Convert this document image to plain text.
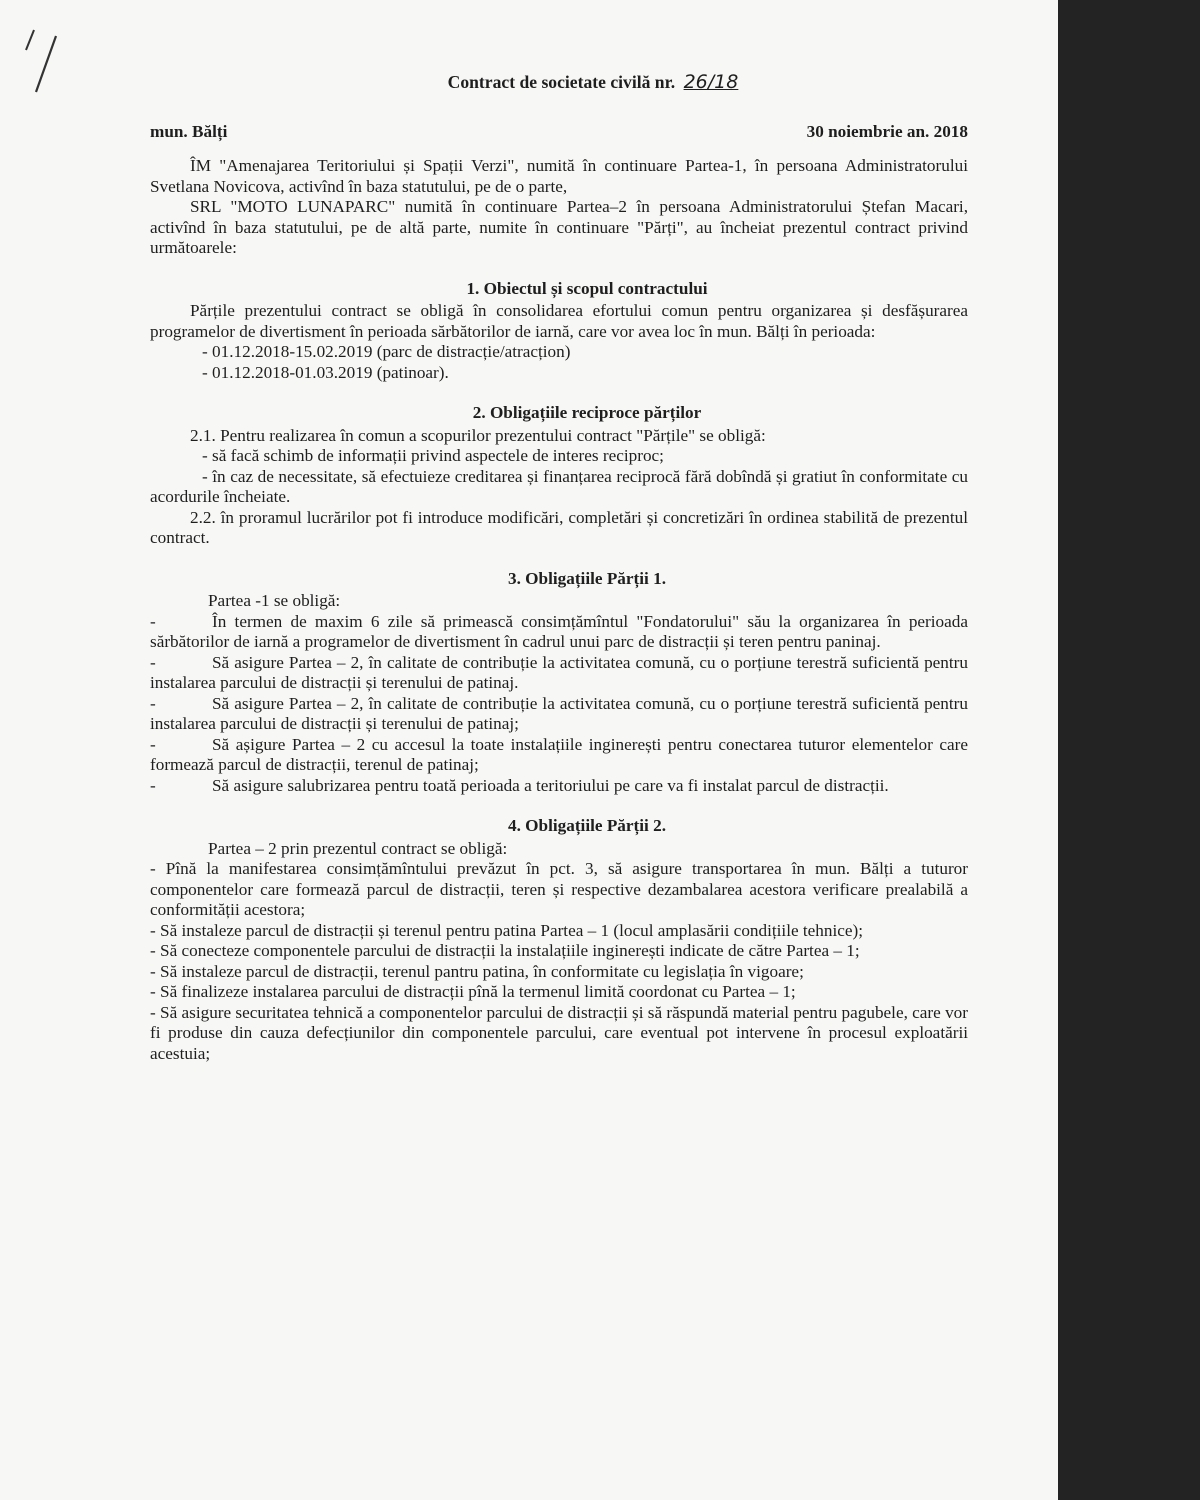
Contract de societate civilă nr. 26/18

mun. Bălți	30 noiembrie an. 2018

ÎM "Amenajarea Teritoriului și Spații Verzi", numită în continuare Partea-1, în persoana Administratorului Svetlana Novicova, activînd în baza statutului, pe de o parte,

SRL "MOTO LUNAPARC" numită în continuare Partea–2 în persoana Administratorului Ștefan Macari, activînd în baza statutului, pe de altă parte, numite în continuare "Părți", au încheiat prezentul contract privind următoarele:

1. Obiectul și scopul contractului

Părțile prezentului contract se obligă în consolidarea efortului comun pentru organizarea și desfășurarea programelor de divertisment în perioada sărbătorilor de iarnă, care vor avea loc în mun. Bălți în perioada:

- 01.12.2018-15.02.2019 (parc de distracție/atracțion)

- 01.12.2018-01.03.2019 (patinoar).

2. Obligațiile reciproce părților

2.1. Pentru realizarea în comun a scopurilor prezentului contract "Părțile" se obligă:

- să facă schimb de informații privind aspectele de interes reciproc;

- în caz de necessitate, să efectuieze creditarea și finanțarea reciprocă fără dobîndă și gratiut în conformitate cu acordurile încheiate.

2.2. în proramul lucrărilor pot fi introduce modificări, completări și concretizări în ordinea stabilită de prezentul contract.

3. Obligațiile Părții 1.

Partea -1 se obligă:

-	În termen de maxim 6 zile să primească consimțămîntul "Fondatorului" său la organizarea în perioada sărbătorilor de iarnă a programelor de divertisment în cadrul unui parc de distracții și teren pentru paninaj.

-	Să asigure Partea – 2, în calitate de contribuție la activitatea comună, cu o porțiune terestră suficientă pentru instalarea parcului de distracții și terenului de patinaj.

-	Să asigure Partea – 2, în calitate de contribuție la activitatea comună, cu o porțiune terestră suficientă pentru instalarea parcului de distracții și terenului de patinaj;

-	Să așigure Partea – 2 cu accesul la toate instalațiile inginerești pentru conectarea tuturor elementelor care formează parcul de distracții, terenul de patinaj;

-	Să asigure salubrizarea pentru toată perioada a teritoriului pe care va fi instalat parcul de distracții.

4. Obligațiile Părții 2.

Partea – 2 prin prezentul contract se obligă:

- Pînă la manifestarea consimțămîntului prevăzut în pct. 3, să asigure transportarea în mun. Bălți a tuturor componentelor care formează parcul de distracții, teren și respective dezambalarea acestora verificare prealabilă a conformității acestora;

- Să instaleze parcul de distracții și terenul pentru patina Partea – 1 (locul amplasării condițiile tehnice);

- Să conecteze componentele parcului de distracții la instalațiile inginerești indicate de către Partea – 1;

- Să instaleze parcul de distracții, terenul pantru patina, în conformitate cu legislația în vigoare;

- Să finalizeze instalarea parcului de distracții pînă la termenul limită coordonat cu Partea – 1;

- Să asigure securitatea tehnică a componentelor parcului de distracții și să răspundă material pentru pagubele, care vor fi produse din cauza defecțiunilor din componentele parcului, care eventual pot intervene în procesul exploatării acestuia;
